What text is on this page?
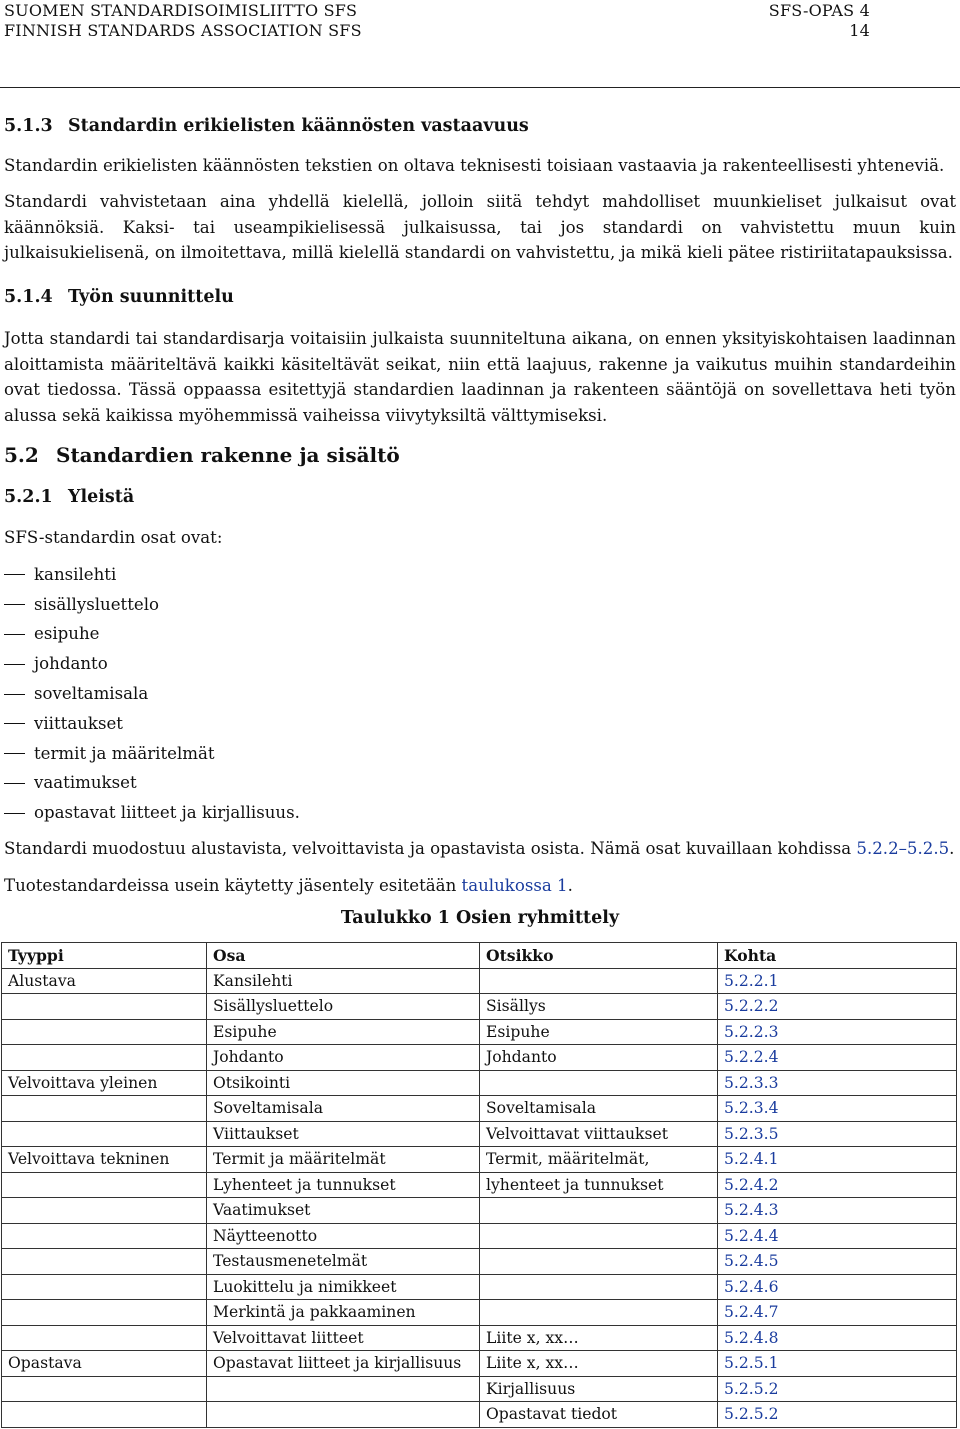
SUOMEN STANDARDISOIMISLIITTO SFS	SFS-OPAS 4
FINNISH STANDARDS ASSOCIATION SFS	14
5.1.3 Standardin erikielisten käännösten vastaavuus
Standardin erikielisten käännösten tekstien on oltava teknisesti toisiaan vastaavia ja rakenteellisesti yhteneviä.
Standardi vahvistetaan aina yhdellä kielellä, jolloin siitä tehdyt mahdolliset muunkieliset julkaisut ovat käännöksiä. Kaksi- tai useampikielisessä julkaisussa, tai jos standardi on vahvistettu muun kuin julkaisukielisenä, on ilmoitettava, millä kielellä standardi on vahvistettu, ja mikä kieli pätee ristiriitatapauksissa.
5.1.4 Työn suunnittelu
Jotta standardi tai standardisarja voitaisiin julkaista suunniteltuna aikana, on ennen yksityiskohtaisen laadinnan aloittamista määriteltävä kaikki käsiteltävät seikat, niin että laajuus, rakenne ja vaikutus muihin standardeihin ovat tiedossa. Tässä oppaassa esitettyjä standardien laadinnan ja rakenteen sääntöjä on sovellettava heti työn alussa sekä kaikissa myöhemmissä vaiheissa viivytyksiltä välttymiseksi.
5.2 Standardien rakenne ja sisältö
5.2.1 Yleistä
SFS-standardin osat ovat:
kansilehti
sisällysluettelo
esipuhe
johdanto
soveltamisala
viittaukset
termit ja määritelmät
vaatimukset
opastavat liitteet ja kirjallisuus.
Standardi muodostuu alustavista, velvoittavista ja opastavista osista. Nämä osat kuvaillaan kohdissa 5.2.2–5.2.5.
Tuotestandardeissa usein käytetty jäsentely esitetään taulukossa 1.
Taulukko 1 Osien ryhmittely
Tyyppi	Osa	Otsikko	Kohta
Alustava	Kansilehti		5.2.2.1
	Sisällysluettelo	Sisällys	5.2.2.2
	Esipuhe	Esipuhe	5.2.2.3
	Johdanto	Johdanto	5.2.2.4
Velvoittava yleinen	Otsikointi		5.2.3.3
	Soveltamisala	Soveltamisala	5.2.3.4
	Viittaukset	Velvoittavat viittaukset	5.2.3.5
Velvoittava tekninen	Termit ja määritelmät	Termit, määritelmät,	5.2.4.1
	Lyhenteet ja tunnukset	lyhenteet ja tunnukset	5.2.4.2
	Vaatimukset		5.2.4.3
	Näytteenotto		5.2.4.4
	Testausmenetelmät		5.2.4.5
	Luokittelu ja nimikkeet		5.2.4.6
	Merkintä ja pakkaaminen		5.2.4.7
	Velvoittavat liitteet	Liite x, xx…	5.2.4.8
Opastava	Opastavat liitteet ja kirjallisuus	Liite x, xx…	5.2.5.1
		Kirjallisuus	5.2.5.2
		Opastavat tiedot	5.2.5.2
